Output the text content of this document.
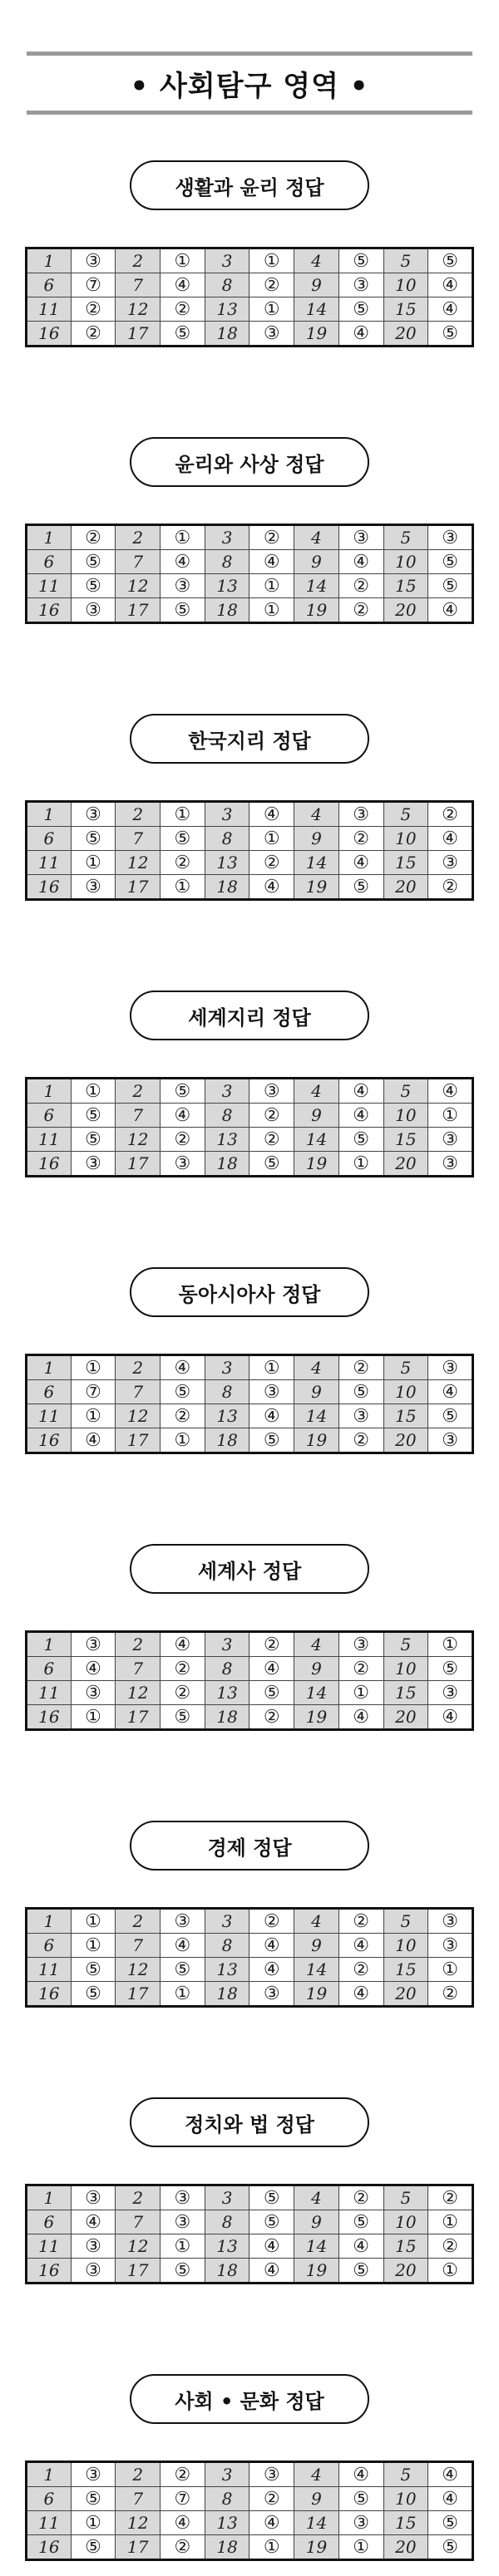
• 사회탐구 영역 •
생활과 윤리 정답
1	③	2	①	3	①	4	⑤	5	⑤
6	⑦	7	④	8	②	9	③	10	④
11	②	12	②	13	①	14	⑤	15	④
16	②	17	⑤	18	③	19	④	20	⑤
윤리와 사상 정답
1	②	2	①	3	②	4	③	5	③
6	⑤	7	④	8	④	9	④	10	⑤
11	⑤	12	③	13	①	14	②	15	⑤
16	③	17	⑤	18	①	19	②	20	④
한국지리 정답
1	③	2	①	3	④	4	③	5	②
6	⑤	7	⑤	8	①	9	②	10	④
11	①	12	②	13	②	14	④	15	③
16	③	17	①	18	④	19	⑤	20	②
세계지리 정답
1	①	2	⑤	3	③	4	④	5	④
6	⑤	7	④	8	②	9	④	10	①
11	⑤	12	②	13	②	14	⑤	15	③
16	③	17	③	18	⑤	19	①	20	③
동아시아사 정답
1	①	2	④	3	①	4	②	5	③
6	⑦	7	⑤	8	③	9	⑤	10	④
11	①	12	②	13	④	14	③	15	⑤
16	④	17	①	18	⑤	19	②	20	③
세계사 정답
1	③	2	④	3	②	4	③	5	①
6	④	7	②	8	④	9	②	10	⑤
11	③	12	②	13	⑤	14	①	15	③
16	①	17	⑤	18	②	19	④	20	④
경제 정답
1	①	2	③	3	②	4	②	5	③
6	①	7	④	8	④	9	④	10	③
11	⑤	12	⑤	13	④	14	②	15	①
16	⑤	17	①	18	③	19	④	20	②
정치와 법 정답
1	③	2	③	3	⑤	4	②	5	②
6	④	7	③	8	⑤	9	⑤	10	①
11	③	12	①	13	④	14	④	15	②
16	③	17	⑤	18	④	19	⑤	20	①
사회 • 문화 정답
1	③	2	②	3	③	4	④	5	④
6	⑤	7	⑦	8	②	9	⑤	10	④
11	①	12	④	13	④	14	③	15	⑤
16	⑤	17	②	18	①	19	①	20	⑤
